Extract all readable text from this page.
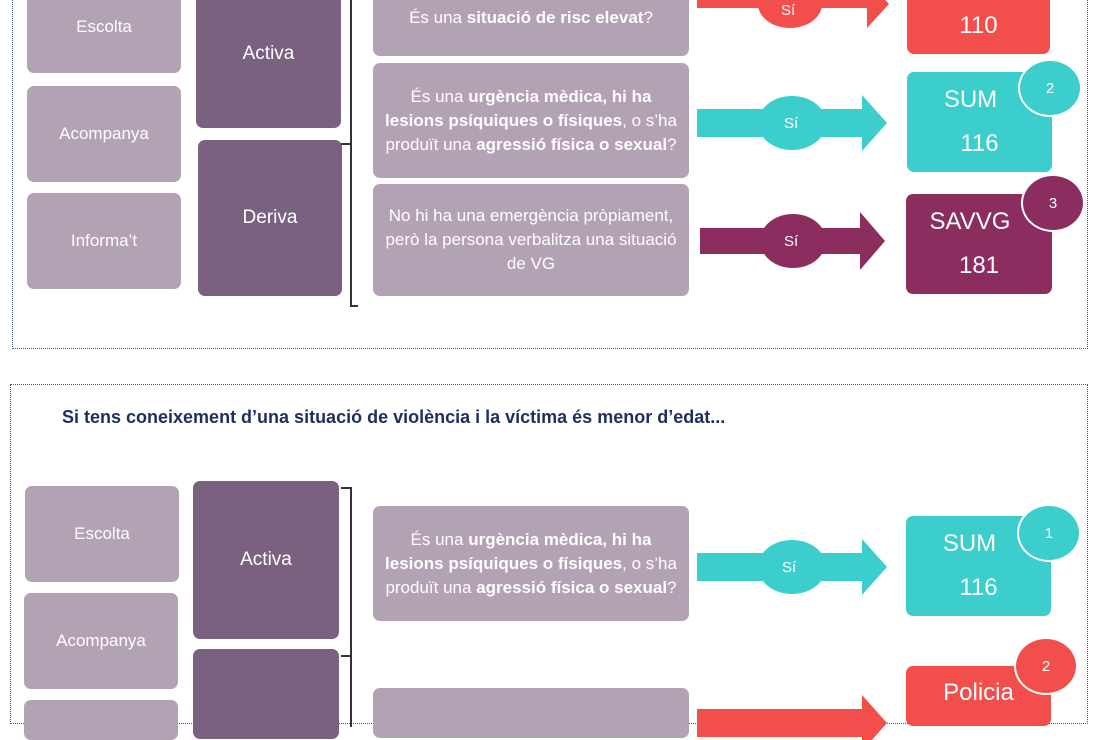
Escolta
Acompanya
Informa’t
Activa
Deriva
És una situació de risc elevat?
És una urgència mèdica, hi ha lesions psíquiques o físiques, o s’ha produït una agressió física o sexual?
No hi ha una emergència pròpiament, però la persona verbalitza una situació de VG
Sí
Sí
Sí
110
SUM
116
2
SAVVG
181
3
Si tens coneixement d’una situació de violència i la víctima és menor d’edat...
Escolta
Acompanya
Activa
És una urgència mèdica, hi ha lesions psíquiques o físiques, o s’ha produït una agressió física o sexual?
Sí
SUM
116
1
Policia
2
